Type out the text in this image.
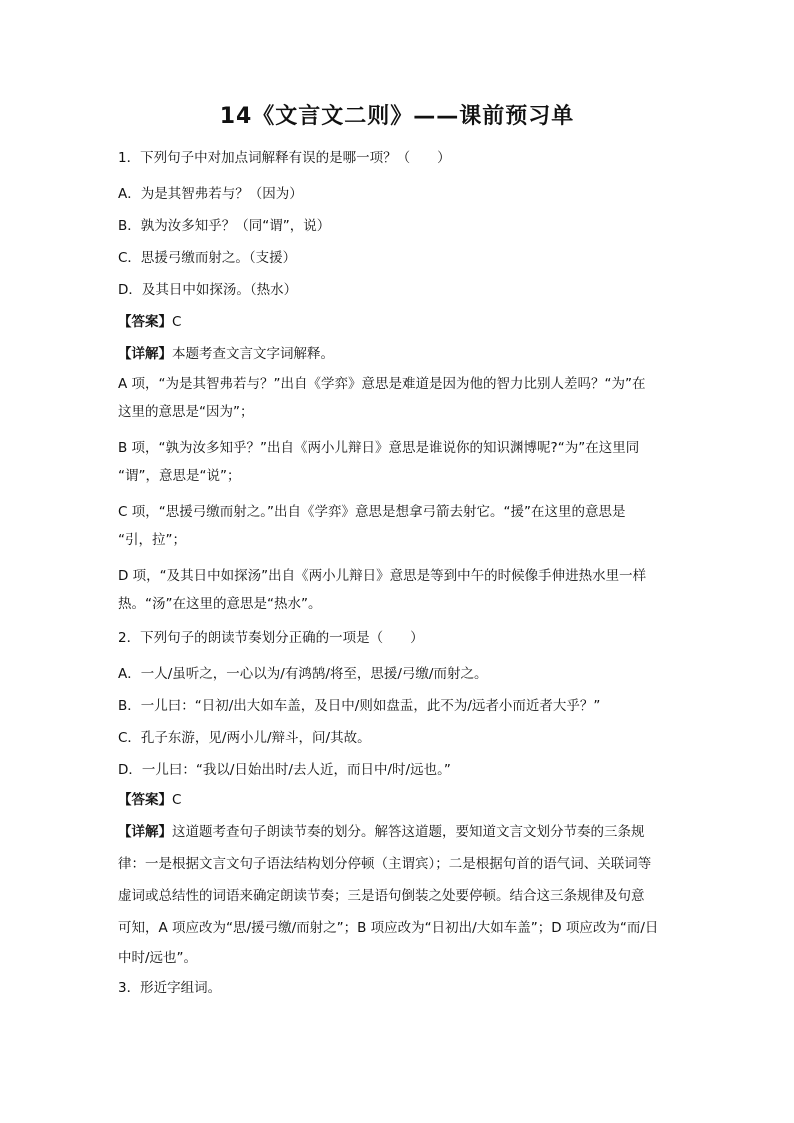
14《文言文二则》——课前预习单

1．下列句子中对加点词解释有误的是哪一项？（　　）

A．为是其智弗若与？（因为）

B．孰为汝多知乎？（同“谓”，说）

C．思援弓缴而射之。（支援）

D．及其日中如探汤。（热水）

【答案】C

【详解】本题考查文言文字词解释。

A 项，“为是其智弗若与？”出自《学弈》意思是难道是因为他的智力比别人差吗？“为”在

这里的意思是“因为”；

B 项，“孰为汝多知乎？”出自《两小儿辩日》意思是谁说你的知识渊博呢?“为”在这里同

“谓”，意思是“说”；

C 项，“思援弓缴而射之。”出自《学弈》意思是想拿弓箭去射它。“援”在这里的意思是

“引，拉”；

D 项，“及其日中如探汤”出自《两小儿辩日》意思是等到中午的时候像手伸进热水里一样

热。“汤”在这里的意思是“热水”。

2．下列句子的朗读节奏划分正确的一项是（　　）

A．一人/虽听之，一心以为/有鸿鹄/将至，思援/弓缴/而射之。

B．一儿曰：“日初/出大如车盖，及日中/则如盘盂，此不为/远者小而近者大乎？”

C．孔子东游，见/两小儿/辩斗，问/其故。

D．一儿曰：“我以/日始出时/去人近，而日中/时/远也。”

【答案】C

【详解】这道题考查句子朗读节奏的划分。解答这道题，要知道文言文划分节奏的三条规

律：一是根据文言文句子语法结构划分停顿（主谓宾）；二是根据句首的语气词、关联词等

虚词或总结性的词语来确定朗读节奏；三是语句倒装之处要停顿。结合这三条规律及句意

可知，A 项应改为“思/援弓缴/而射之”；B 项应改为“日初出/大如车盖”；D 项应改为“而/日

中时/远也”。

3．形近字组词。
